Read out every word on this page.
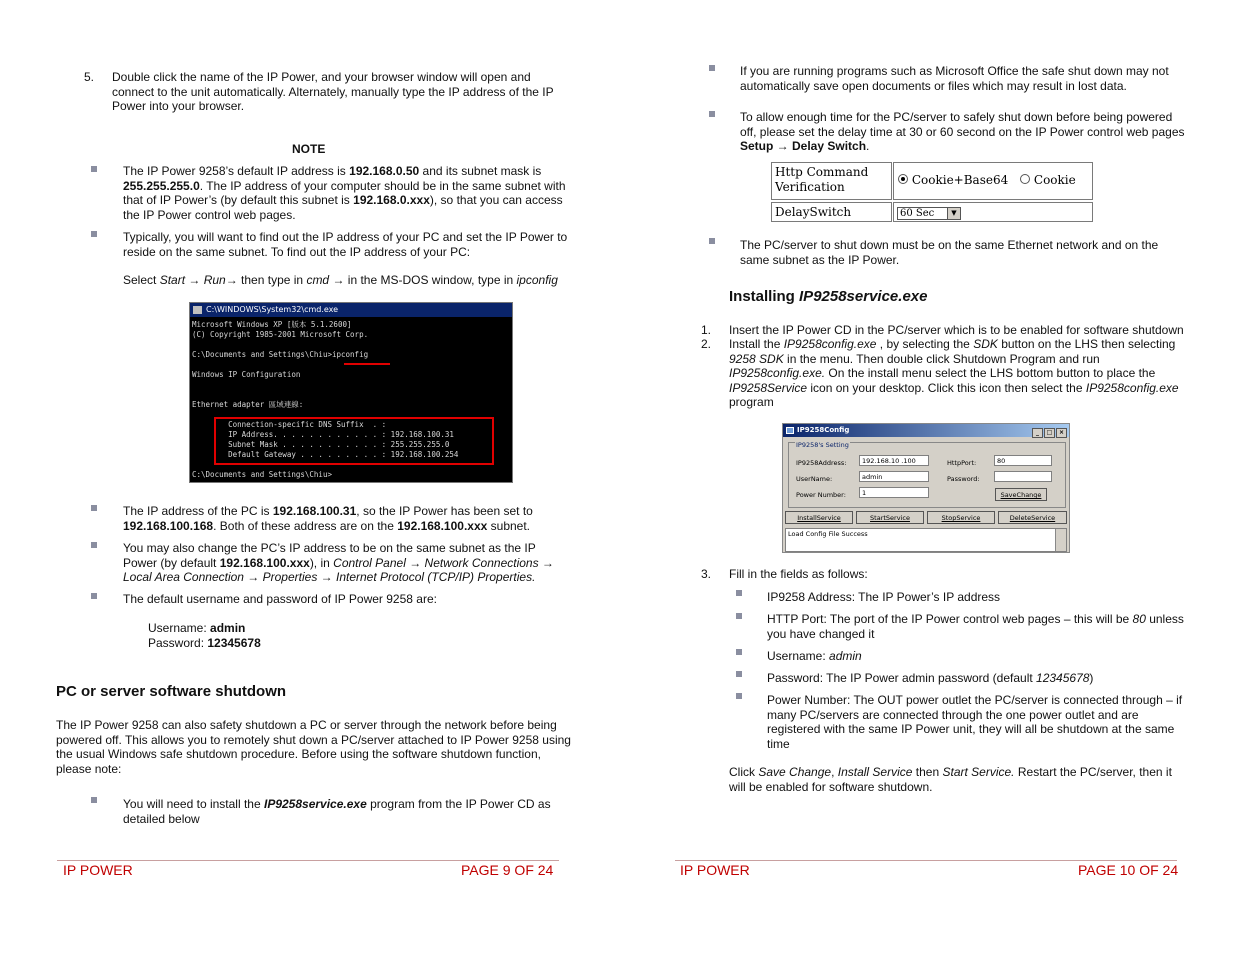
5. Double click the name of the IP Power, and your browser window will open and
connect to the unit automatically. Alternately, manually type the IP address of the IP
Power into your browser.
NOTE
The IP Power 9258’s default IP address is 192.168.0.50 and its subnet mask is
255.255.255.0. The IP address of your computer should be in the same subnet with
that of IP Power’s (by default this subnet is 192.168.0.xxx), so that you can access
the IP Power control web pages.
Typically, you will want to find out the IP address of your PC and set the IP Power to
reside on the same subnet. To find out the IP address of your PC:
Select Start → Run→ then type in cmd → in the MS-DOS window, type in ipconfig
C:\WINDOWS\System32\cmd.exe
Microsoft Windows XP [版本 5.1.2600]
(C) Copyright 1985-2001 Microsoft Corp.

C:\Documents and Settings\Chiu>ipconfig

Windows IP Configuration

Ethernet adapter 區域連線:

Connection-specific DNS Suffix  . :
IP Address. . . . . . . . . . . . : 192.168.100.31
Subnet Mask . . . . . . . . . . . : 255.255.255.0
Default Gateway . . . . . . . . . : 192.168.100.254

C:\Documents and Settings\Chiu>
The IP address of the PC is 192.168.100.31, so the IP Power has been set to
192.168.100.168. Both of these address are on the 192.168.100.xxx subnet.
You may also change the PC’s IP address to be on the same subnet as the IP
Power (by default 192.168.100.xxx), in Control Panel → Network Connections →
Local Area Connection → Properties → Internet Protocol (TCP/IP) Properties.
The default username and password of IP Power 9258 are:
Username: admin
Password: 12345678
PC or server software shutdown
The IP Power 9258 can also safety shutdown a PC or server through the network before being
powered off. This allows you to remotely shut down a PC/server attached to IP Power 9258 using
the usual Windows safe shutdown procedure. Before using the software shutdown function,
please note:
You will need to install the IP9258service.exe program from the IP Power CD as
detailed below
IP POWER	PAGE 9 OF 24
If you are running programs such as Microsoft Office the safe shut down may not
automatically save open documents or files which may result in lost data.
To allow enough time for the PC/server to safely shut down before being powered
off, please set the delay time at 30 or 60 second on the IP Power control web pages
Setup → Delay Switch.
Http Command
Verification	Cookie+Base64 Cookie
DelaySwitch	60 Sec	▼
The PC/server to shut down must be on the same Ethernet network and on the
same subnet as the IP Power.
Installing IP9258service.exe
1. Insert the IP Power CD in the PC/server which is to be enabled for software shutdown
2. Install the IP9258config.exe , by selecting the SDK button on the LHS then selecting
9258 SDK in the menu. Then double click Shutdown Program and run
IP9258config.exe. On the install menu select the LHS bottom button to place the
IP9258Service icon on your desktop. Click this icon then select the IP9258config.exe
program
IP9258Config	_ □ ×
IP9258's Setting
IP9258Address:	192.168.10 .100	HttpPort:	80
UserName:	admin	Password:
Power Number:	1	SaveChange
InstallService	StartService	StopService	DeleteService
Load Config File Success
3. Fill in the fields as follows:
IP9258 Address: The IP Power’s IP address
HTTP Port: The port of the IP Power control web pages – this will be 80 unless
you have changed it
Username: admin
Password: The IP Power admin password (default 12345678)
Power Number: The OUT power outlet the PC/server is connected through – if
many PC/servers are connected through the one power outlet and are
registered with the same IP Power unit, they will all be shutdown at the same
time
Click Save Change, Install Service then Start Service. Restart the PC/server, then it
will be enabled for software shutdown.
IP POWER	PAGE 10 OF 24
